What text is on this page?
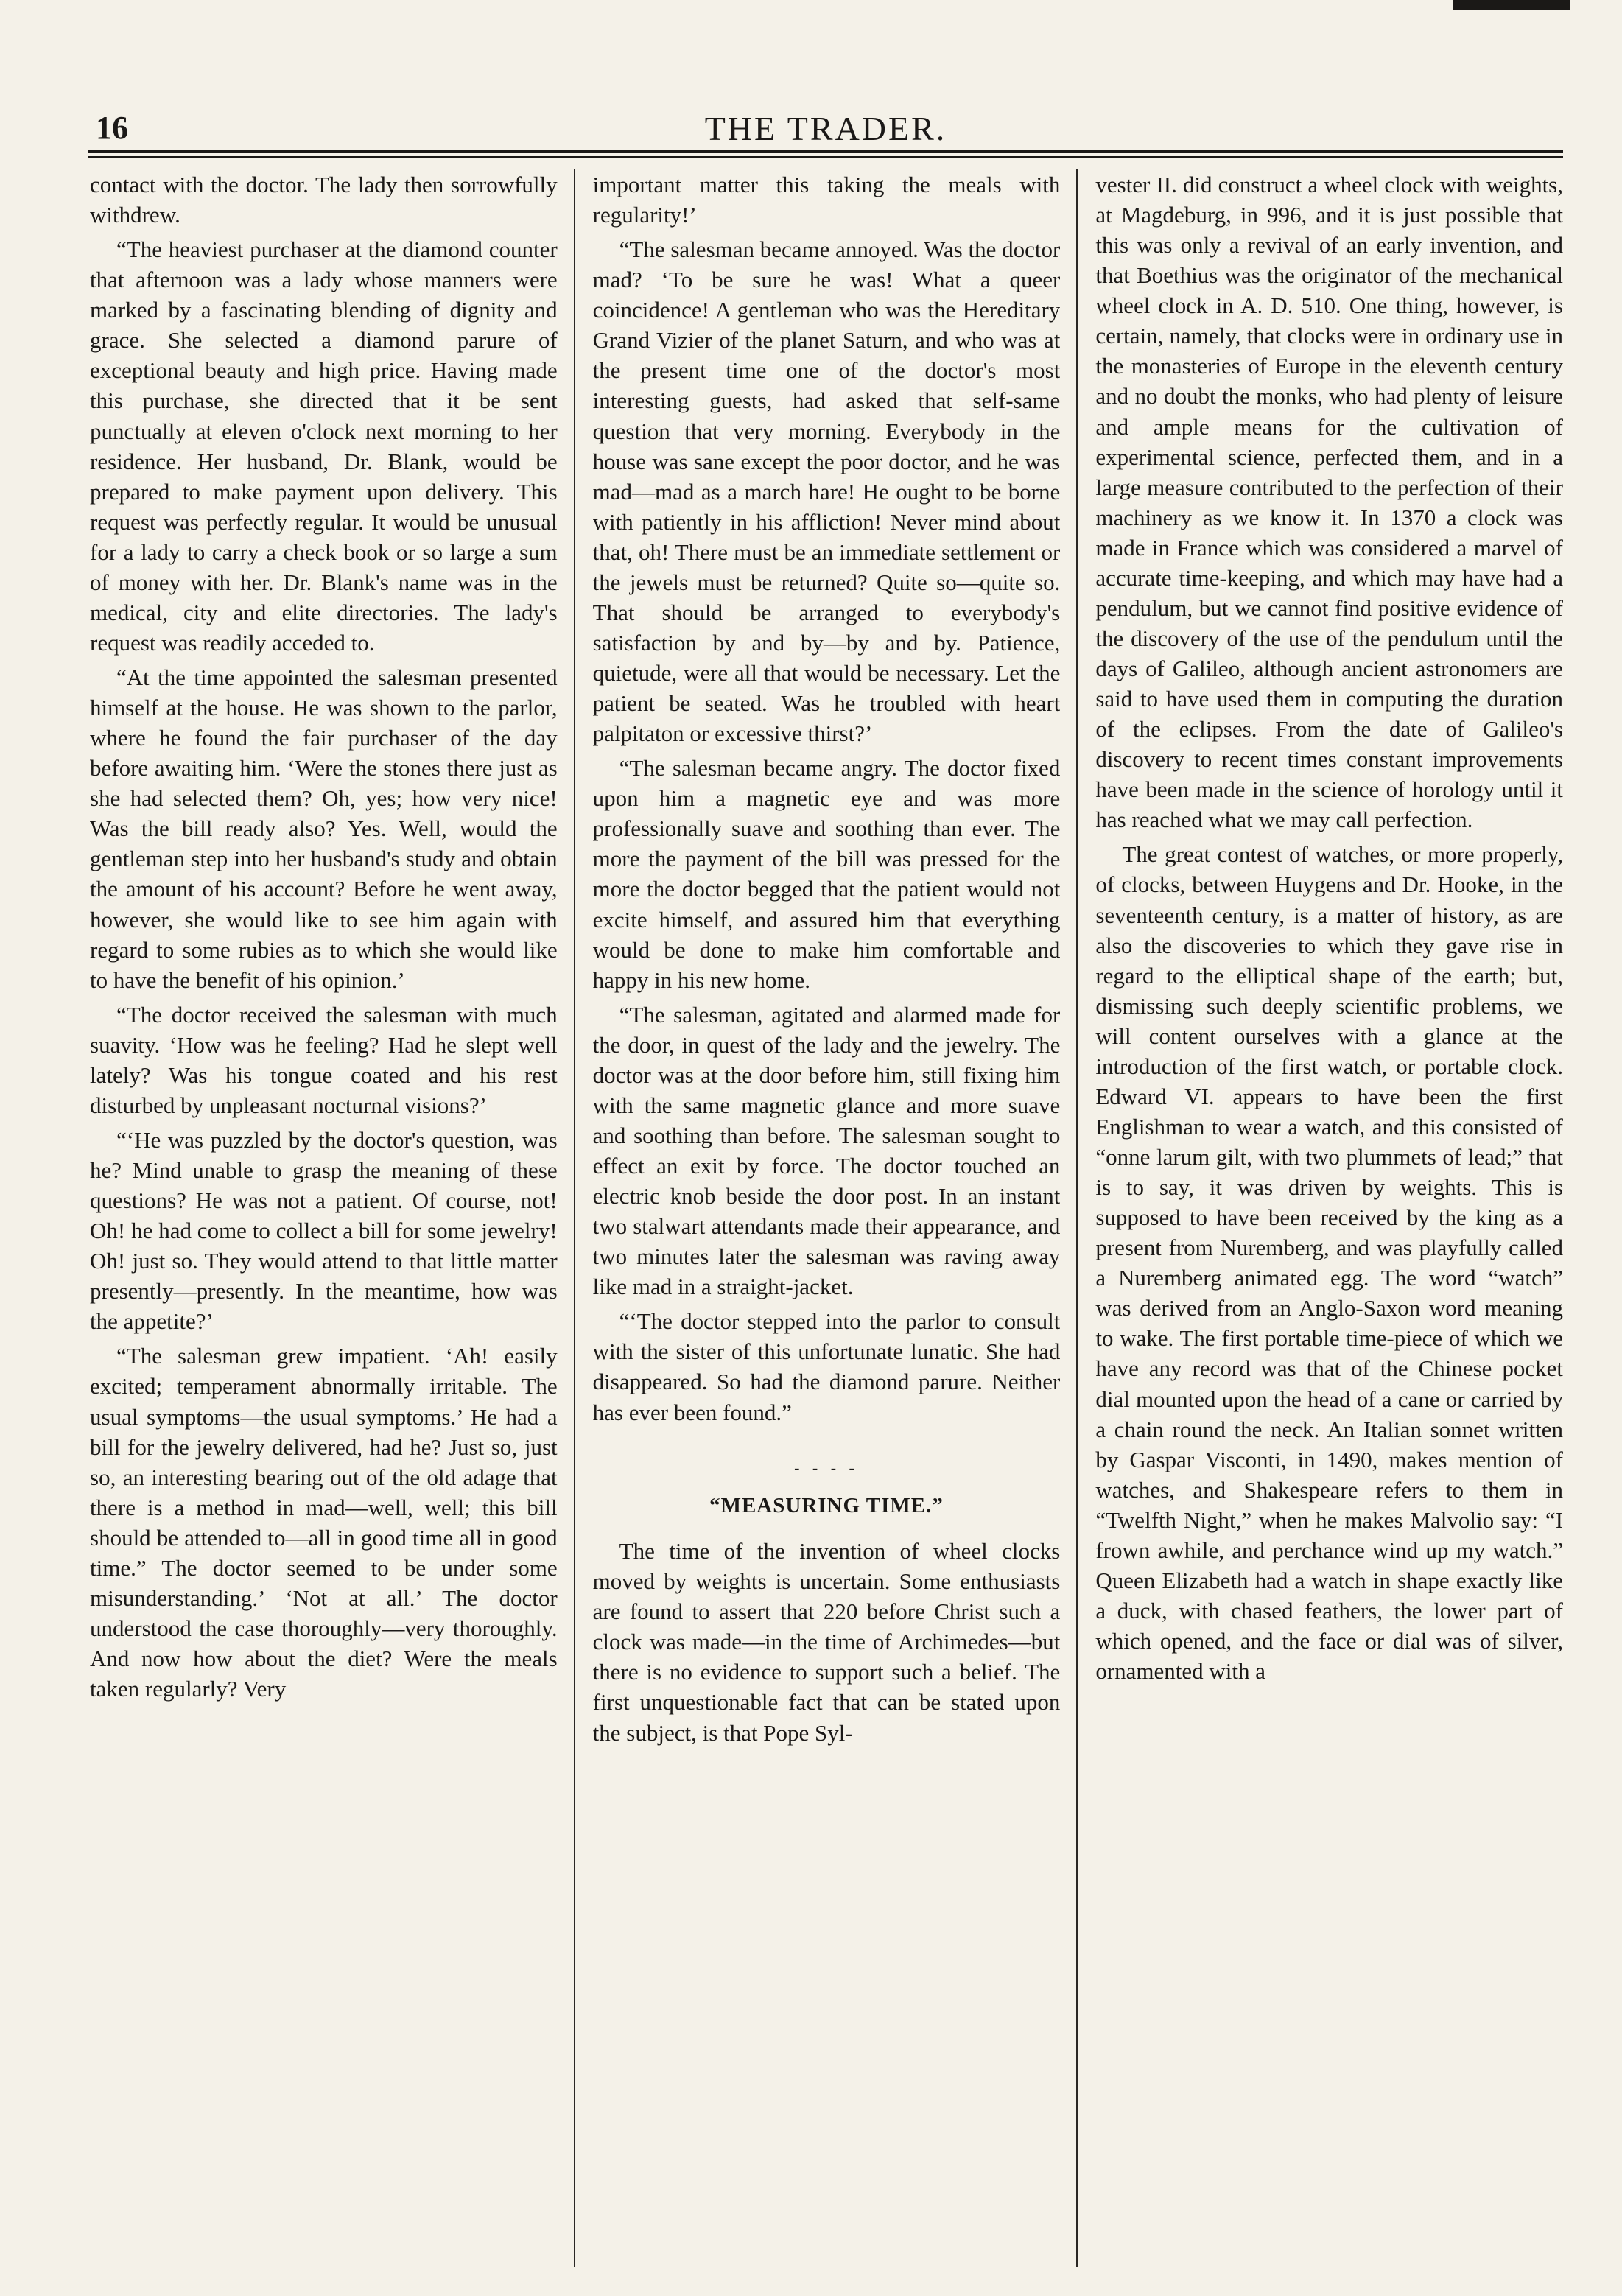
16	THE TRADER.

contact with the doctor. The lady then sorrowfully withdrew.

“The heaviest purchaser at the diamond counter that afternoon was a lady whose manners were marked by a fascinating blending of dignity and grace. She selected a diamond parure of exceptional beauty and high price. Having made this purchase, she directed that it be sent punctually at eleven o'clock next morning to her residence. Her husband, Dr. Blank, would be prepared to make payment upon delivery. This request was perfectly regular. It would be unusual for a lady to carry a check book or so large a sum of money with her. Dr. Blank's name was in the medical, city and elite directories. The lady's request was readily acceded to.

“At the time appointed the salesman presented himself at the house. He was shown to the parlor, where he found the fair purchaser of the day before awaiting him. ‘Were the stones there just as she had selected them? Oh, yes; how very nice! Was the bill ready also? Yes. Well, would the gentleman step into her husband's study and obtain the amount of his account? Before he went away, however, she would like to see him again with regard to some rubies as to which she would like to have the benefit of his opinion.’

“The doctor received the salesman with much suavity. ‘How was he feeling? Had he slept well lately? Was his tongue coated and his rest disturbed by unpleasant nocturnal visions?’

“‘He was puzzled by the doctor's question, was he? Mind unable to grasp the meaning of these questions? He was not a patient. Of course, not! Oh! he had come to collect a bill for some jewelry! Oh! just so. They would attend to that little matter presently—presently. In the meantime, how was the appetite?’

“The salesman grew impatient. ‘Ah! easily excited; temperament abnormally irritable. The usual symptoms—the usual symptoms.’ He had a bill for the jewelry delivered, had he? Just so, just so, an interesting bearing out of the old adage that there is a method in mad—well, well; this bill should be attended to—all in good time all in good time.” The doctor seemed to be under some misunderstanding.’ ‘Not at all.’ The doctor understood the case thoroughly—very thoroughly. And now how about the diet? Were the meals taken regularly? Very

important matter this taking the meals with regularity!’

“The salesman became annoyed. Was the doctor mad? ‘To be sure he was! What a queer coincidence! A gentleman who was the Hereditary Grand Vizier of the planet Saturn, and who was at the present time one of the doctor's most interesting guests, had asked that self-same question that very morning. Everybody in the house was sane except the poor doctor, and he was mad—mad as a march hare! He ought to be borne with patiently in his affliction! Never mind about that, oh! There must be an immediate settlement or the jewels must be returned? Quite so—quite so. That should be arranged to everybody's satisfaction by and by—by and by. Patience, quietude, were all that would be necessary. Let the patient be seated. Was he troubled with heart palpitaton or excessive thirst?’

“The salesman became angry. The doctor fixed upon him a magnetic eye and was more professionally suave and soothing than ever. The more the payment of the bill was pressed for the more the doctor begged that the patient would not excite himself, and assured him that everything would be done to make him comfortable and happy in his new home.

“The salesman, agitated and alarmed made for the door, in quest of the lady and the jewelry. The doctor was at the door before him, still fixing him with the same magnetic glance and more suave and soothing than before. The salesman sought to effect an exit by force. The doctor touched an electric knob beside the door post. In an instant two stalwart attendants made their appearance, and two minutes later the salesman was raving away like mad in a straight-jacket.

“‘The doctor stepped into the parlor to consult with the sister of this unfortunate lunatic. She had disappeared. So had the diamond parure. Neither has ever been found.”

- - - -
“MEASURING TIME.”

The time of the invention of wheel clocks moved by weights is uncertain. Some enthusiasts are found to assert that 220 before Christ such a clock was made—in the time of Archimedes—but there is no evidence to support such a belief. The first unquestionable fact that can be stated upon the subject, is that Pope Syl-

vester II. did construct a wheel clock with weights, at Magdeburg, in 996, and it is just possible that this was only a revival of an early invention, and that Boethius was the originator of the mechanical wheel clock in A. D. 510. One thing, however, is certain, namely, that clocks were in ordinary use in the monasteries of Europe in the eleventh century and no doubt the monks, who had plenty of leisure and ample means for the cultivation of experimental science, perfected them, and in a large measure contributed to the perfection of their machinery as we know it. In 1370 a clock was made in France which was considered a marvel of accurate time-keeping, and which may have had a pendulum, but we cannot find positive evidence of the discovery of the use of the pendulum until the days of Galileo, although ancient astronomers are said to have used them in computing the duration of the eclipses. From the date of Galileo's discovery to recent times constant improvements have been made in the science of horology until it has reached what we may call perfection.

The great contest of watches, or more properly, of clocks, between Huygens and Dr. Hooke, in the seventeenth century, is a matter of history, as are also the discoveries to which they gave rise in regard to the elliptical shape of the earth; but, dismissing such deeply scientific problems, we will content ourselves with a glance at the introduction of the first watch, or portable clock. Edward VI. appears to have been the first Englishman to wear a watch, and this consisted of “onne larum gilt, with two plummets of lead;” that is to say, it was driven by weights. This is supposed to have been received by the king as a present from Nuremberg, and was playfully called a Nuremberg animated egg. The word “watch” was derived from an Anglo-Saxon word meaning to wake. The first portable time-piece of which we have any record was that of the Chinese pocket dial mounted upon the head of a cane or carried by a chain round the neck. An Italian sonnet written by Gaspar Visconti, in 1490, makes mention of watches, and Shakespeare refers to them in “Twelfth Night,” when he makes Malvolio say: “I frown awhile, and perchance wind up my watch.” Queen Elizabeth had a watch in shape exactly like a duck, with chased feathers, the lower part of which opened, and the face or dial was of silver, ornamented with a
